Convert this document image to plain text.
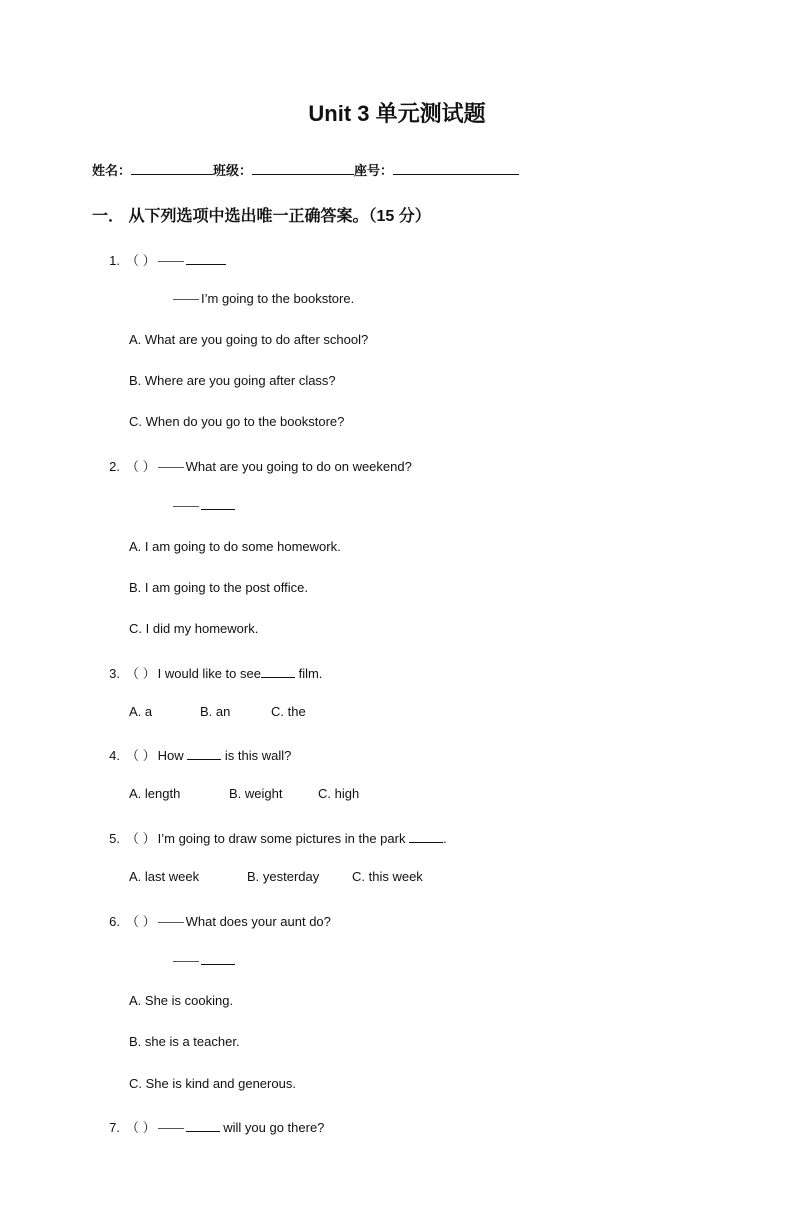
Unit 3 单元测试题
姓名：	班级：	座号：
一． 从下列选项中选出唯一正确答案。（15 分）
1. （ ）
I’m going to the bookstore.
A. What are you going to do after school?
B. Where are you going after class?
C. When do you go to the bookstore?
2. （ ） What are you going to do on weekend?
A. I am going to do some homework.
B. I am going to the post office.
C. I did my homework.
3. （ ） I would like to see	film.
A. a	B. an	C. the
4. （ ） How	is this wall?
A. length	B. weight	C. high
5. （ ） I’m going to draw some pictures in the park	.
A. last week	B. yesterday	C. this week
6. （ ） What does your aunt do?
A. She is cooking.
B. she is a teacher.
C. She is kind and generous.
7. （ ）	will you go there?
